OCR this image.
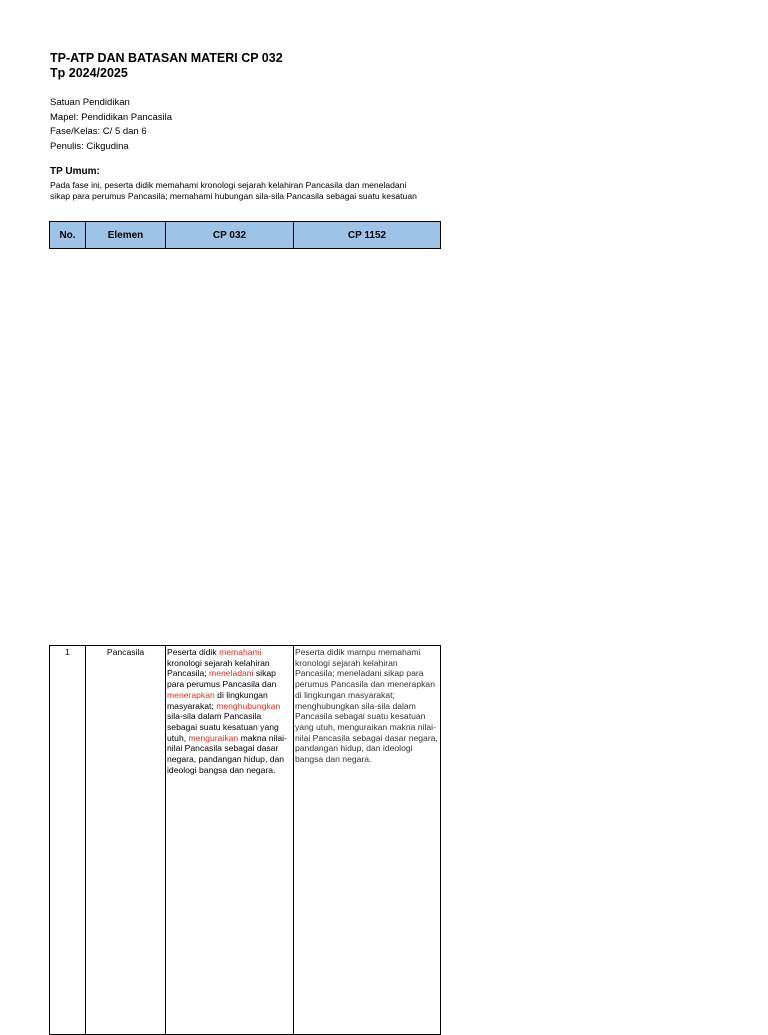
TP-ATP DAN BATASAN MATERI CP 032
Tp 2024/2025
Satuan Pendidikan
Mapel: Pendidikan Pancasila
Fase/Kelas: C/ 5 dan 6
Penulis: Cikgudina
TP Umum:
Pada fase ini, peserta didik memahami kronologi sejarah kelahiran Pancasila dan meneladani
sikap para perumus Pancasila; memahami hubungan sila-sila Pancasila sebagai suatu kesatuan
No.	Elemen	CP 032	CP 1152
1	Pancasila	Peserta didik memahami kronologi sejarah kelahiran Pancasila; meneladani sikap para perumus Pancasila dan menerapkan di lingkungan masyarakat; menghubungkan sila-sila dalam Pancasila sebagai suatu kesatuan yang utuh, menguraikan makna nilai-nilai Pancasila sebagai dasar negara, pandangan hidup, dan ideologi bangsa dan negara.	Peserta didik mampu memahami kronologi sejarah kelahiran Pancasila; meneladani sikap para perumus Pancasila dan menerapkan di lingkungan masyarakat; menghubungkan sila-sila dalam Pancasila sebagai suatu kesatuan yang utuh, menguraikan makna nilai-nilai Pancasila sebagai dasar negara, pandangan hidup, dan ideologi bangsa dan negara.
